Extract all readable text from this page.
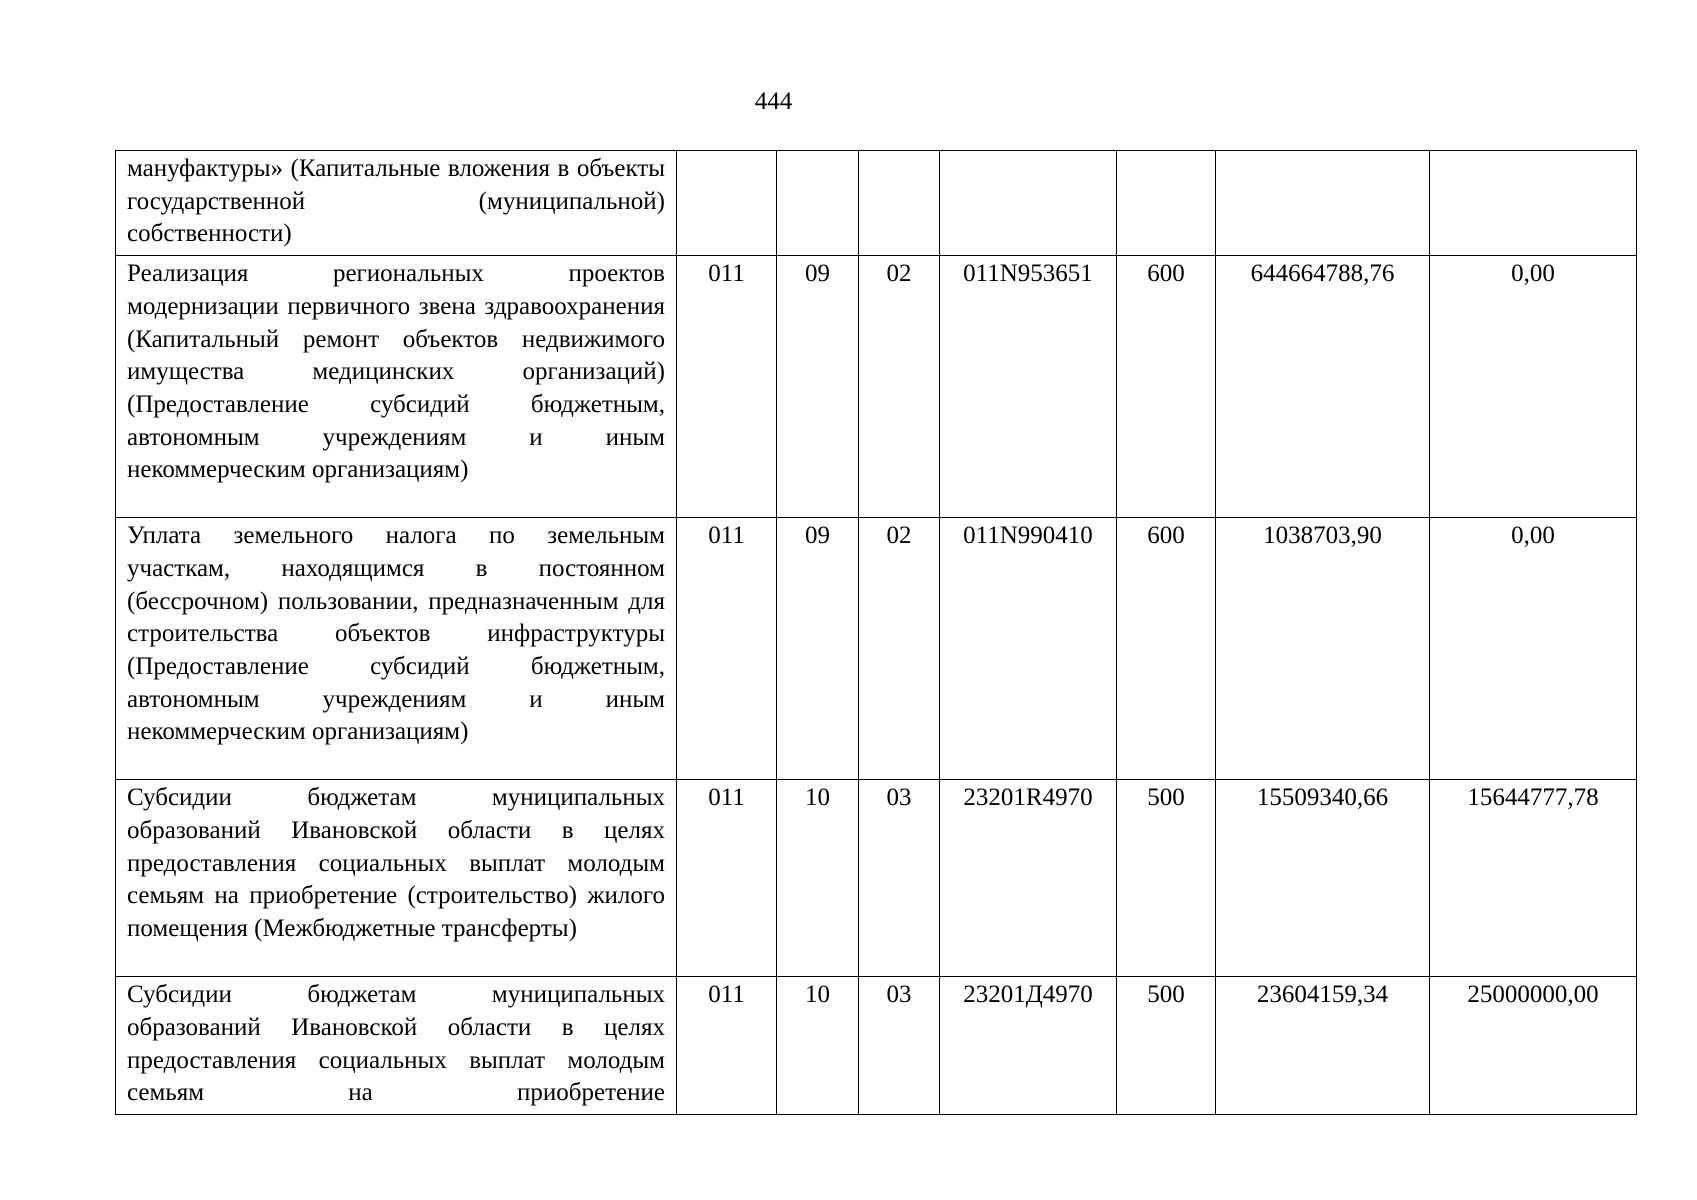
444
мануфактуры» (Капитальные вложения в объекты государственной (муниципальной) собственности)							
Реализация региональных проектов модернизации первичного звена здравоохранения (Капитальный ремонт объектов недвижимого имущества медицинских организаций) (Предоставление субсидий бюджетным, автономным учреждениям и иным некоммерческим организациям)	011	09	02	011N953651	600	644664788,76	0,00
Уплата земельного налога по земельным участкам, находящимся в постоянном (бессрочном) пользовании, предназначенным для строительства объектов инфраструктуры (Предоставление субсидий бюджетным, автономным учреждениям и иным некоммерческим организациям)	011	09	02	011N990410	600	1038703,90	0,00
Субсидии бюджетам муниципальных образований Ивановской области в целях предоставления социальных выплат молодым семьям на приобретение (строительство) жилого помещения (Межбюджетные трансферты)	011	10	03	23201R4970	500	15509340,66	15644777,78
Субсидии бюджетам муниципальных образований Ивановской области в целях предоставления социальных выплат молодым семьям на приобретение	011	10	03	23201Д4970	500	23604159,34	25000000,00
